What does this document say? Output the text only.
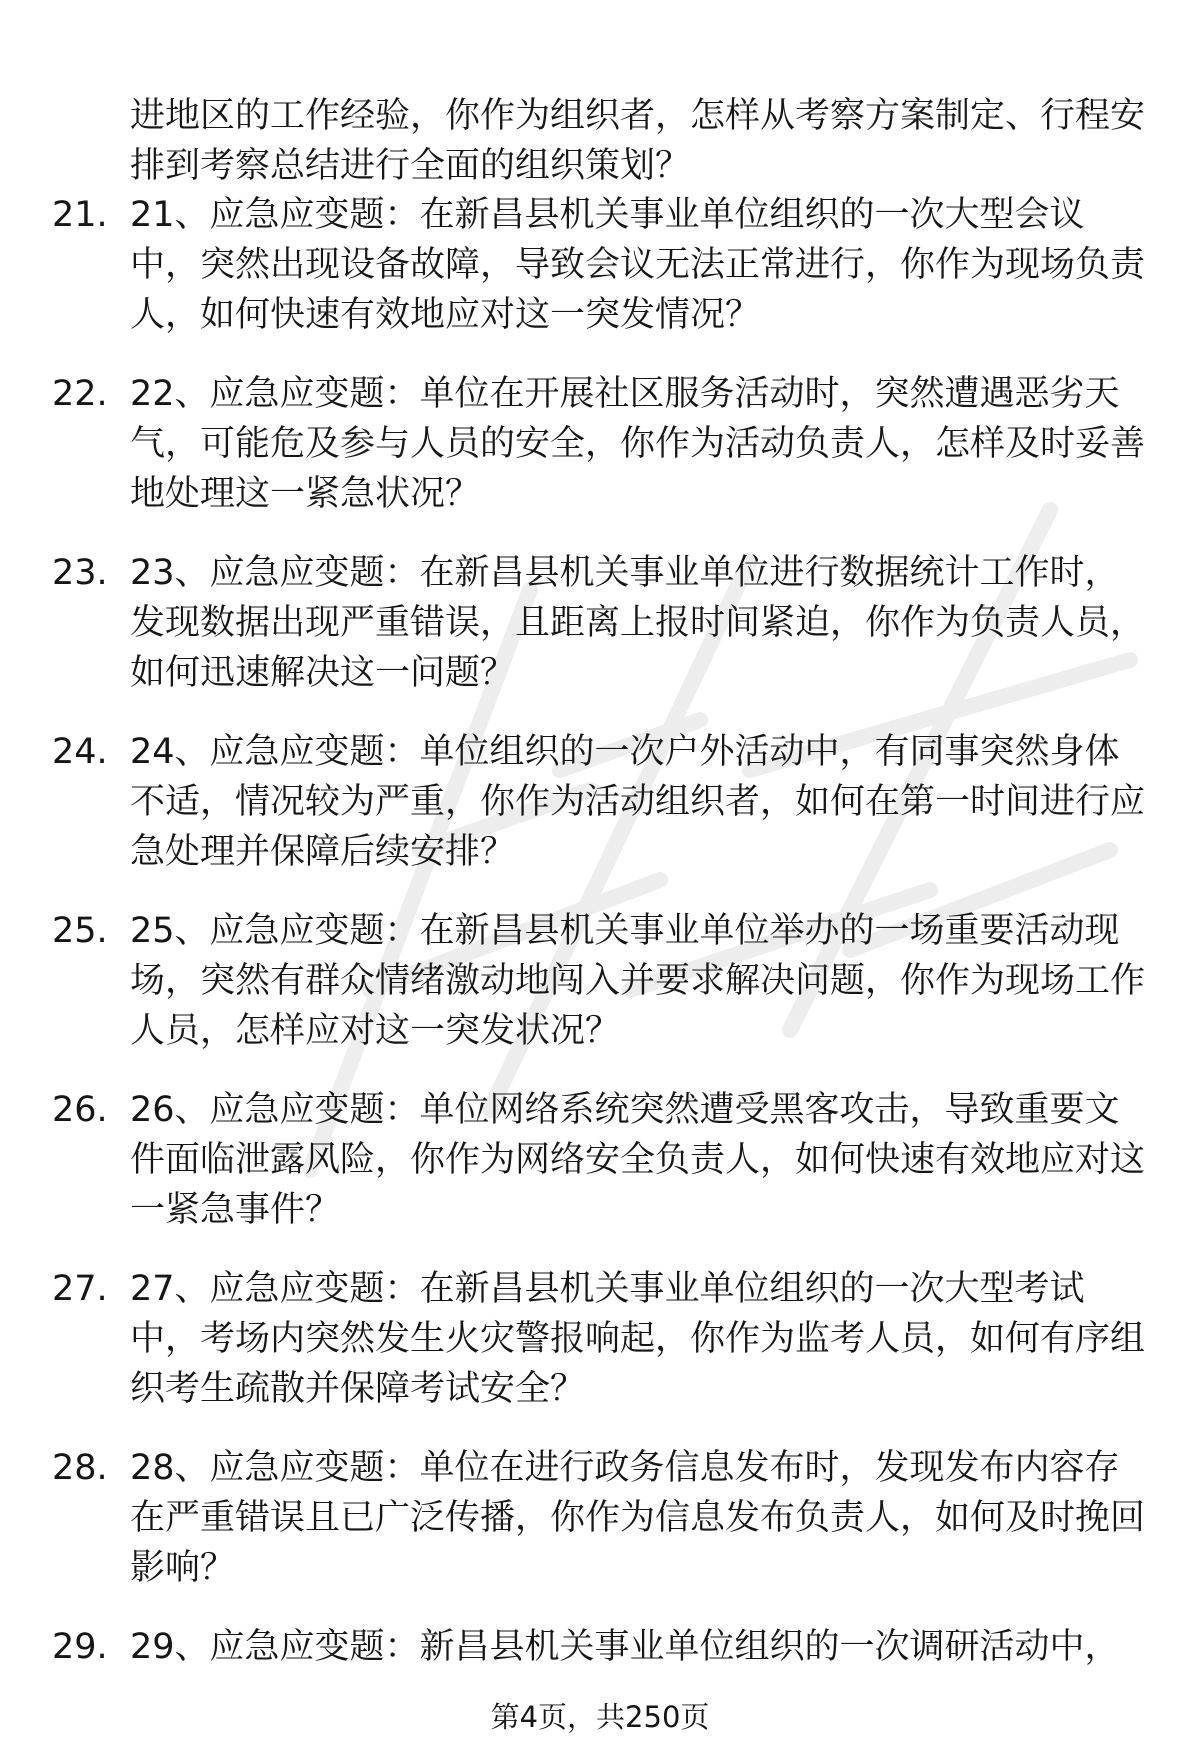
进地区的工作经验，你作为组织者，怎样从考察方案制定、行程安排到考察总结进行全面的组织策划？

21. 21、应急应变题：在新昌县机关事业单位组织的一次大型会议中，突然出现设备故障，导致会议无法正常进行，你作为现场负责人，如何快速有效地应对这一突发情况？
22. 22、应急应变题：单位在开展社区服务活动时，突然遭遇恶劣天气，可能危及参与人员的安全，你作为活动负责人，怎样及时妥善地处理这一紧急状况？
23. 23、应急应变题：在新昌县机关事业单位进行数据统计工作时，发现数据出现严重错误，且距离上报时间紧迫，你作为负责人员，如何迅速解决这一问题？
24. 24、应急应变题：单位组织的一次户外活动中，有同事突然身体不适，情况较为严重，你作为活动组织者，如何在第一时间进行应急处理并保障后续安排？
25. 25、应急应变题：在新昌县机关事业单位举办的一场重要活动现场，突然有群众情绪激动地闯入并要求解决问题，你作为现场工作人员，怎样应对这一突发状况？
26. 26、应急应变题：单位网络系统突然遭受黑客攻击，导致重要文件面临泄露风险，你作为网络安全负责人，如何快速有效地应对这一紧急事件？
27. 27、应急应变题：在新昌县机关事业单位组织的一次大型考试中，考场内突然发生火灾警报响起，你作为监考人员，如何有序组织考生疏散并保障考试安全？
28. 28、应急应变题：单位在进行政务信息发布时，发现发布内容存在严重错误且已广泛传播，你作为信息发布负责人，如何及时挽回影响？
29. 29、应急应变题：新昌县机关事业单位组织的一次调研活动中，
第4页，共250页
